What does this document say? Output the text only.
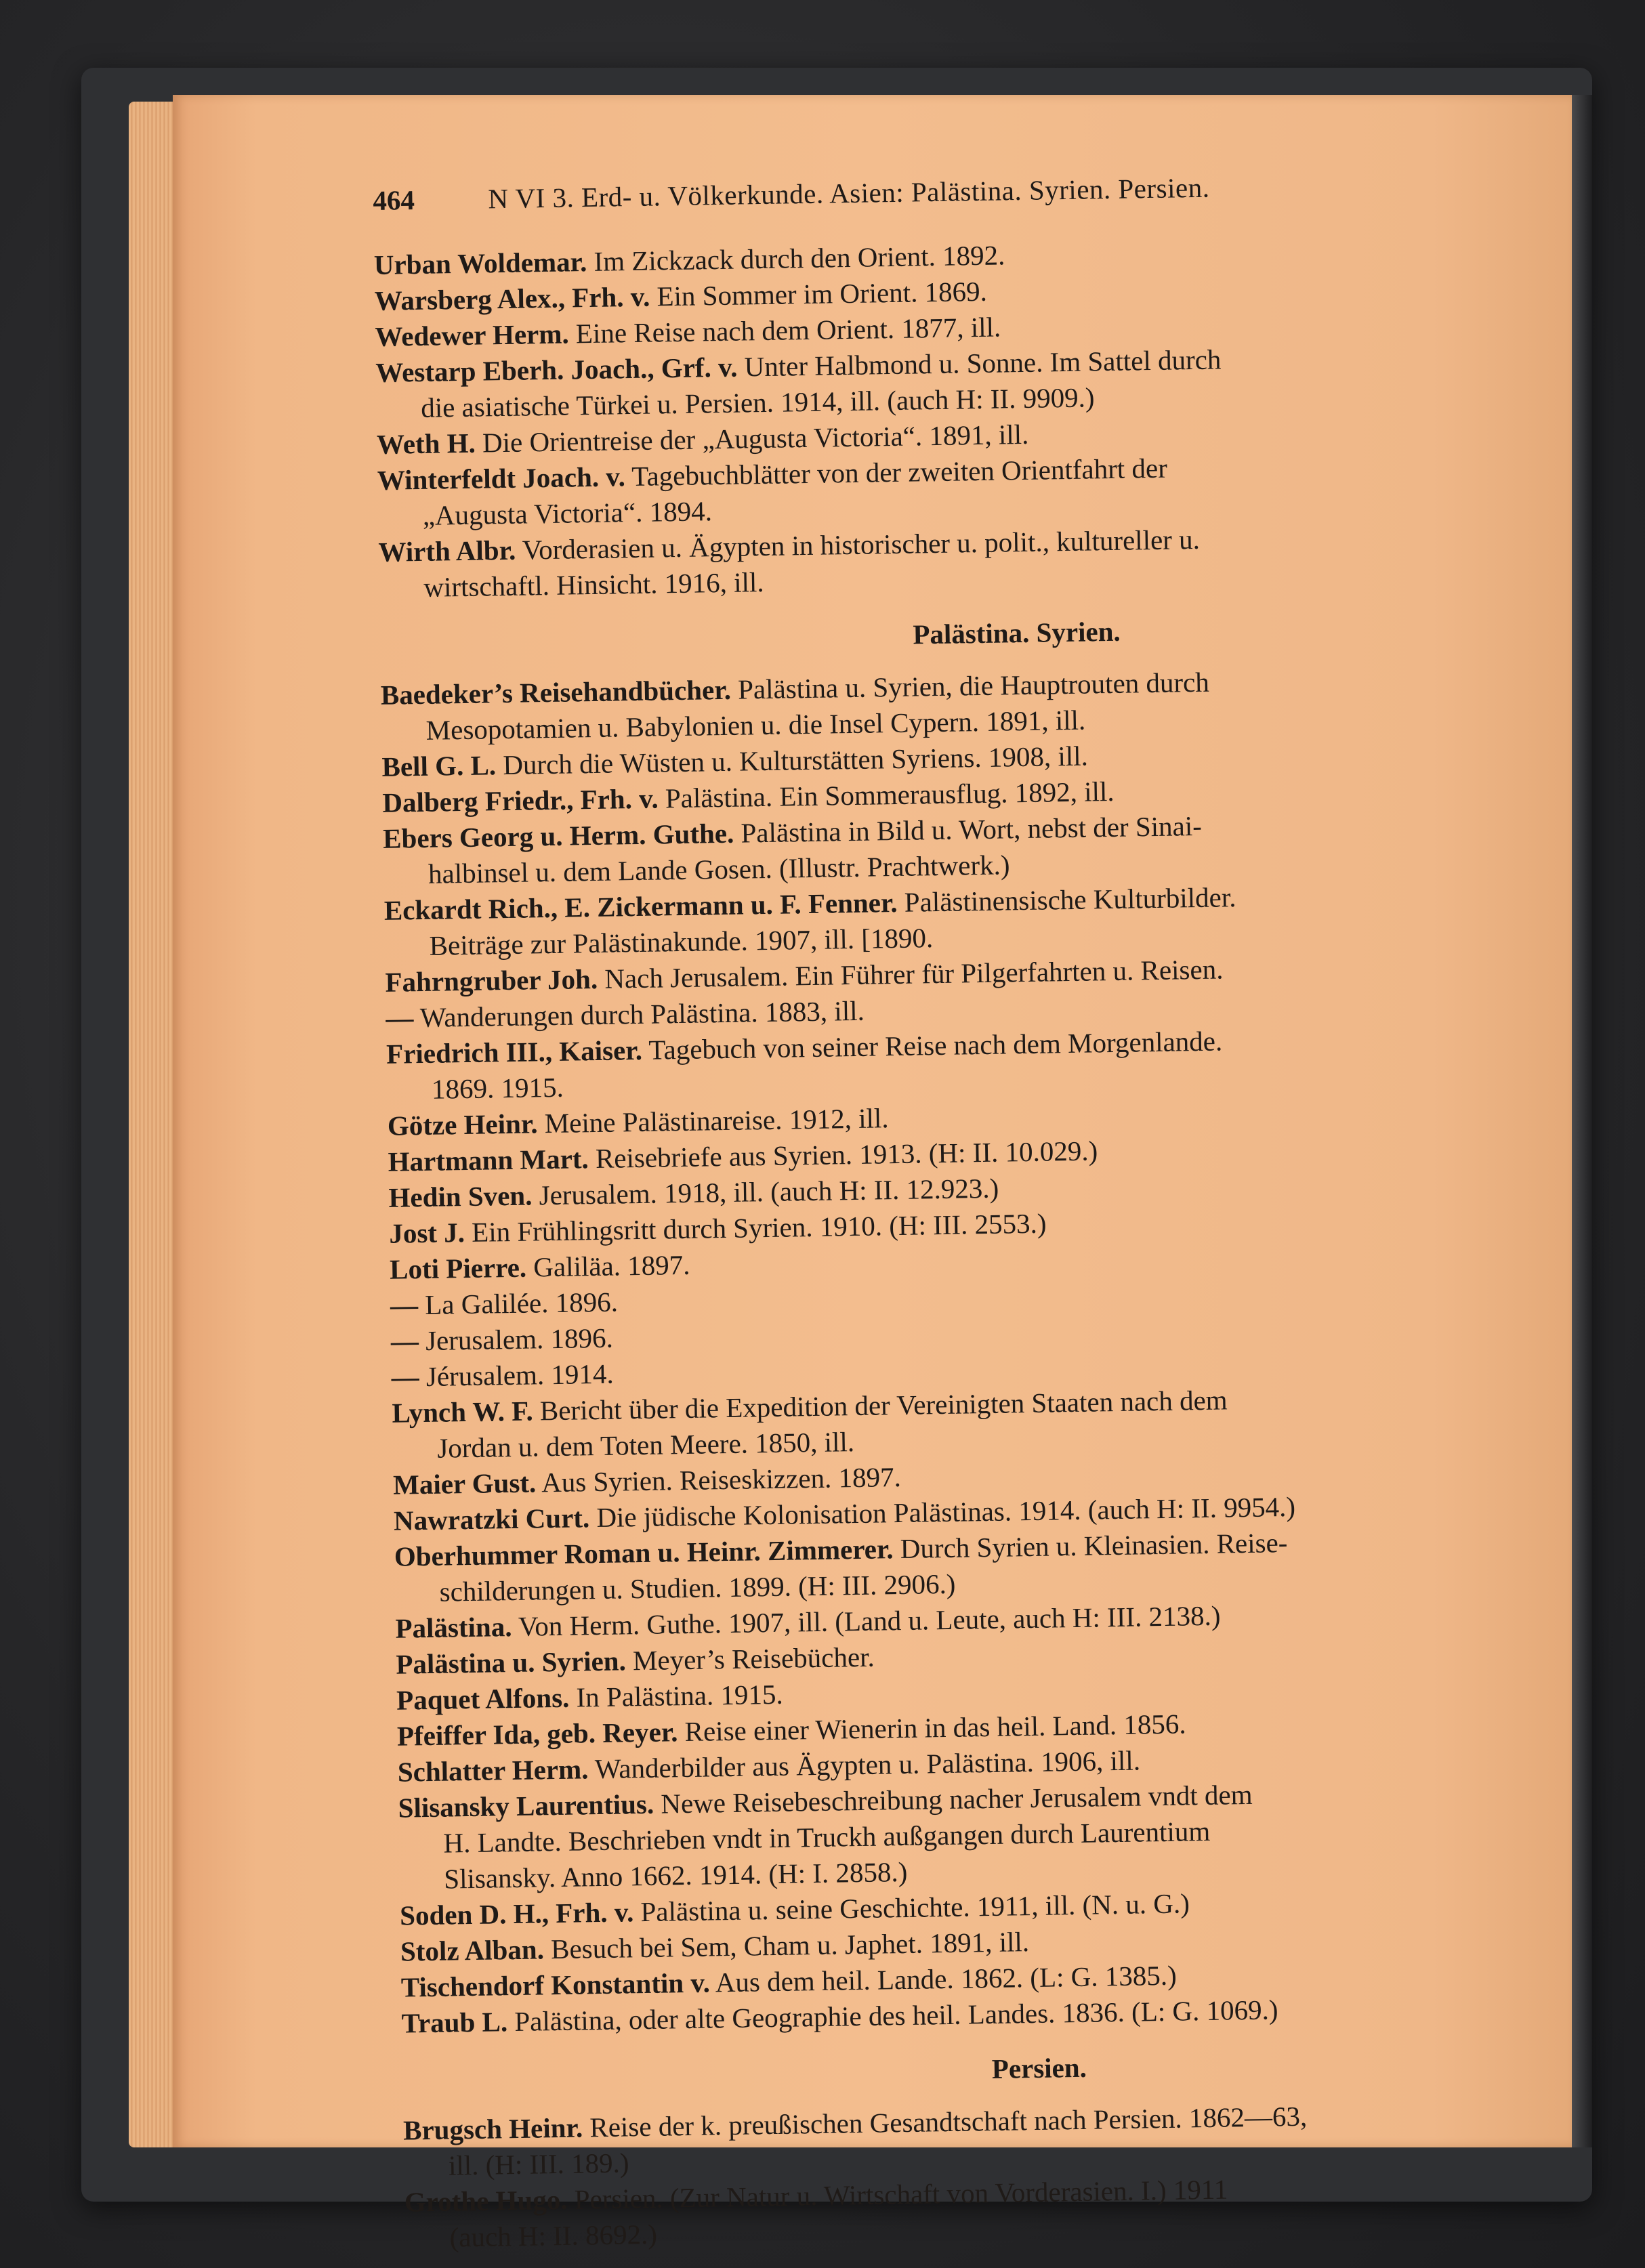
464	N VI 3. Erd- u. Völkerkunde. Asien: Palästina. Syrien. Persien.
Urban Woldemar. Im Zickzack durch den Orient. 1892.
Warsberg Alex., Frh. v. Ein Sommer im Orient. 1869.
Wedewer Herm. Eine Reise nach dem Orient. 1877, ill.
Westarp Eberh. Joach., Grf. v. Unter Halbmond u. Sonne. Im Sattel durch
die asiatische Türkei u. Persien. 1914, ill. (auch H: II. 9909.)
Weth H. Die Orientreise der „Augusta Victoria“. 1891, ill.
Winterfeldt Joach. v. Tagebuchblätter von der zweiten Orientfahrt der
„Augusta Victoria“. 1894.
Wirth Albr. Vorderasien u. Ägypten in historischer u. polit., kultureller u.
wirtschaftl. Hinsicht. 1916, ill.
Palästina. Syrien.
Baedeker’s Reisehandbücher. Palästina u. Syrien, die Hauptrouten durch
Mesopotamien u. Babylonien u. die Insel Cypern. 1891, ill.
Bell G. L. Durch die Wüsten u. Kulturstätten Syriens. 1908, ill.
Dalberg Friedr., Frh. v. Palästina. Ein Sommerausflug. 1892, ill.
Ebers Georg u. Herm. Guthe. Palästina in Bild u. Wort, nebst der Sinai-
halbinsel u. dem Lande Gosen. (Illustr. Prachtwerk.)
Eckardt Rich., E. Zickermann u. F. Fenner. Palästinensische Kulturbilder.
Beiträge zur Palästinakunde. 1907, ill. [1890.
Fahrngruber Joh. Nach Jerusalem. Ein Führer für Pilgerfahrten u. Reisen.
— Wanderungen durch Palästina. 1883, ill.
Friedrich III., Kaiser. Tagebuch von seiner Reise nach dem Morgenlande.
1869. 1915.
Götze Heinr. Meine Palästinareise. 1912, ill.
Hartmann Mart. Reisebriefe aus Syrien. 1913. (H: II. 10.029.)
Hedin Sven. Jerusalem. 1918, ill. (auch H: II. 12.923.)
Jost J. Ein Frühlingsritt durch Syrien. 1910. (H: III. 2553.)
Loti Pierre. Galiläa. 1897.
— La Galilée. 1896.
— Jerusalem. 1896.
— Jérusalem. 1914.
Lynch W. F. Bericht über die Expedition der Vereinigten Staaten nach dem
Jordan u. dem Toten Meere. 1850, ill.
Maier Gust. Aus Syrien. Reiseskizzen. 1897.
Nawratzki Curt. Die jüdische Kolonisation Palästinas. 1914. (auch H: II. 9954.)
Oberhummer Roman u. Heinr. Zimmerer. Durch Syrien u. Kleinasien. Reise-
schilderungen u. Studien. 1899. (H: III. 2906.)
Palästina. Von Herm. Guthe. 1907, ill. (Land u. Leute, auch H: III. 2138.)
Palästina u. Syrien. Meyer’s Reisebücher.
Paquet Alfons. In Palästina. 1915.
Pfeiffer Ida, geb. Reyer. Reise einer Wienerin in das heil. Land. 1856.
Schlatter Herm. Wanderbilder aus Ägypten u. Palästina. 1906, ill.
Slisansky Laurentius. Newe Reisebeschreibung nacher Jerusalem vndt dem
H. Landte. Beschrieben vndt in Truckh außgangen durch Laurentium
Slisansky. Anno 1662. 1914. (H: I. 2858.)
Soden D. H., Frh. v. Palästina u. seine Geschichte. 1911, ill. (N. u. G.)
Stolz Alban. Besuch bei Sem, Cham u. Japhet. 1891, ill.
Tischendorf Konstantin v. Aus dem heil. Lande. 1862. (L: G. 1385.)
Traub L. Palästina, oder alte Geographie des heil. Landes. 1836. (L: G. 1069.)
Persien.
Brugsch Heinr. Reise der k. preußischen Gesandtschaft nach Persien. 1862—63,
ill. (H: III. 189.)
Grothe Hugo. Persien. (Zur Natur u. Wirtschaft von Vorderasien. I.) 1911
(auch H: II. 8692.)
